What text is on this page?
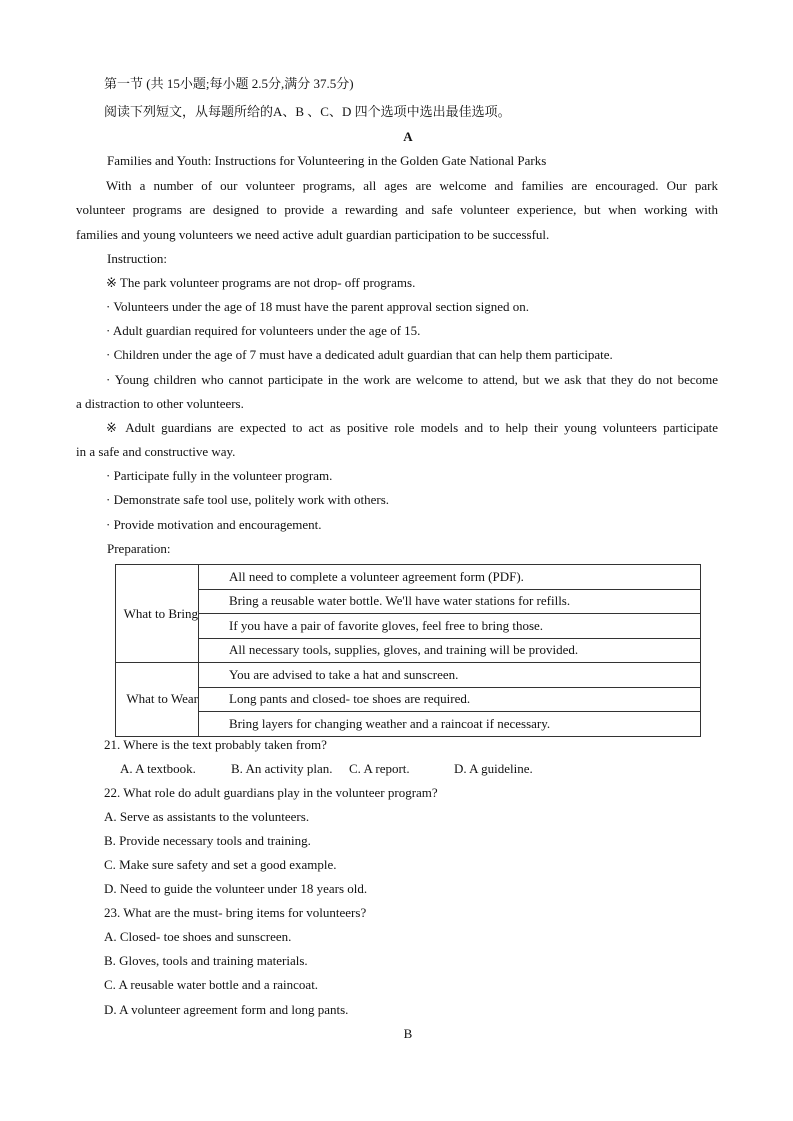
第一节 (共 15小题;每小题 2.5分,满分 37.5分)
阅读下列短文，从每题所给的A、B 、C、D 四个选项中选出最佳选项。
A
Families and Youth: Instructions for Volunteering in the Golden Gate National Parks
With a number of our volunteer programs, all ages are welcome and families are encouraged. Our park
volunteer programs are designed to provide a rewarding and safe volunteer experience, but when working with
families and young volunteers we need active adult guardian participation to be successful.
Instruction:
※ The park volunteer programs are not drop- off programs.
· Volunteers under the age of 18 must have the parent approval section signed on.
· Adult guardian required for volunteers under the age of 15.
· Children under the age of 7 must have a dedicated adult guardian that can help them participate.
· Young children who cannot participate in the work are welcome to attend, but we ask that they do not become
a distraction to other volunteers.
※ Adult guardians are expected to act as positive role models and to help their young volunteers participate
in a safe and constructive way.
· Participate fully in the volunteer program.
· Demonstrate safe tool use, politely work with others.
· Provide motivation and encouragement.
Preparation:
What to Bring	All need to complete a volunteer agreement form (PDF).
	Bring a reusable water bottle. We'll have water stations for refills.
	If you have a pair of favorite gloves, feel free to bring those.
	All necessary tools, supplies, gloves, and training will be provided.
What to Wear	You are advised to take a hat and sunscreen.
	Long pants and closed- toe shoes are required.
	Bring layers for changing weather and a raincoat if necessary.
21. Where is the text probably taken from?
A. A textbook.	B. An activity plan. C. A report.	D. A guideline.
22. What role do adult guardians play in the volunteer program?
A. Serve as assistants to the volunteers.
B. Provide necessary tools and training.
C. Make sure safety and set a good example.
D. Need to guide the volunteer under 18 years old.
23. What are the must- bring items for volunteers?
A. Closed- toe shoes and sunscreen.
B. Gloves, tools and training materials.
C. A reusable water bottle and a raincoat.
D. A volunteer agreement form and long pants.
B
